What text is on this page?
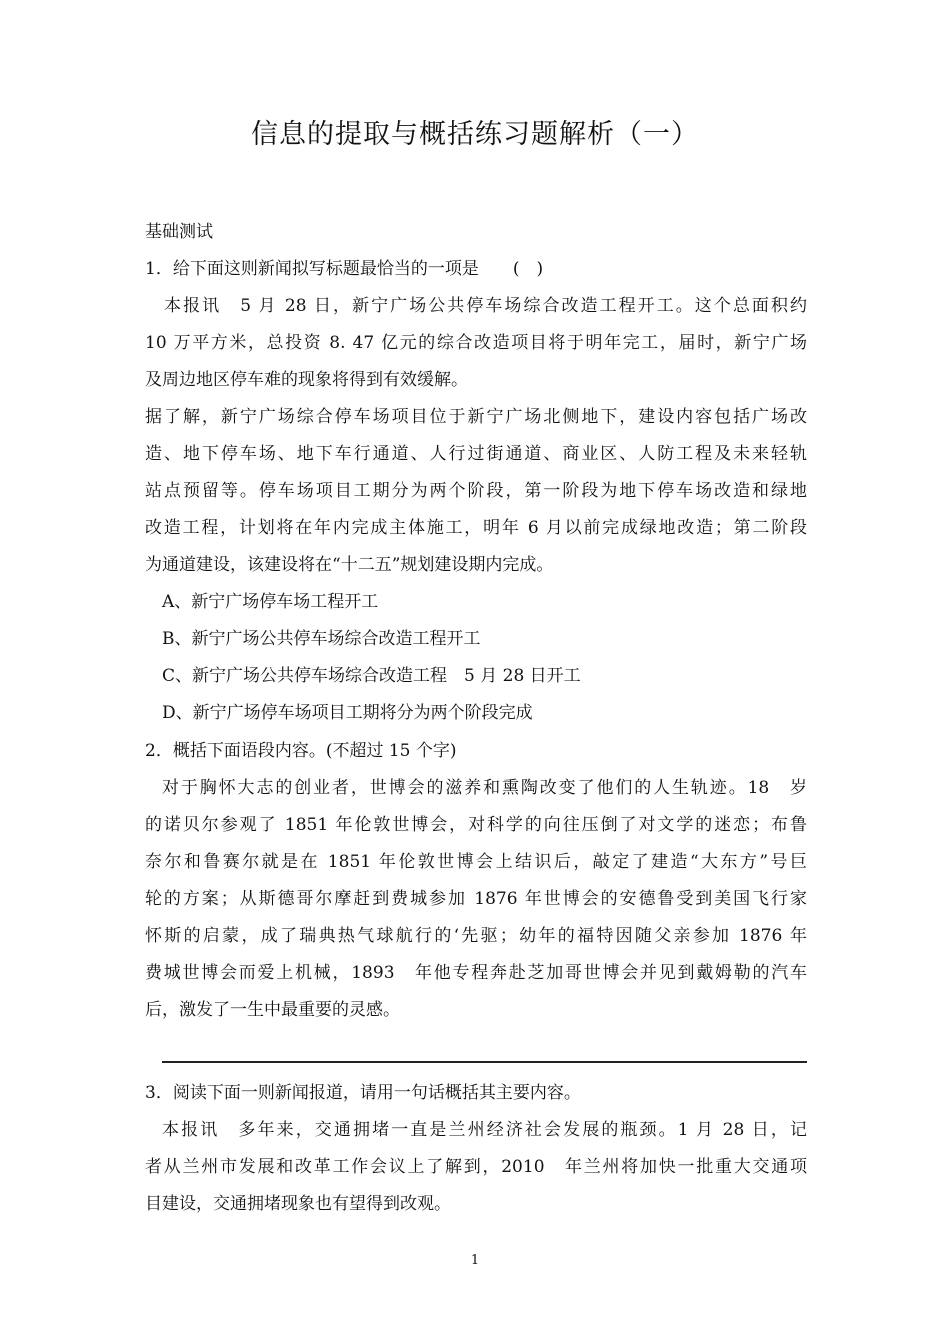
信息的提取与概括练习题解析（一）
基础测试
1．给下面这则新闻拟写标题最恰当的一项是　　(　)
　本报讯　5 月 28 日，新宁广场公共停车场综合改造工程开工。这个总面积约
10 万平方米，总投资 8. 47 亿元的综合改造项目将于明年完工，届时，新宁广场
及周边地区停车难的现象将得到有效缓解。
据了解，新宁广场综合停车场项目位于新宁广场北侧地下，建设内容包括广场改
造、地下停车场、地下车行通道、人行过街通道、商业区、人防工程及未来轻轨
站点预留等。停车场项目工期分为两个阶段，第一阶段为地下停车场改造和绿地
改造工程，计划将在年内完成主体施工，明年 6 月以前完成绿地改造；第二阶段
为通道建设，该建设将在“十二五”规划建设期内完成。
A、新宁广场停车场工程开工
B、新宁广场公共停车场综合改造工程开工
C、新宁广场公共停车场综合改造工程　5 月 28 日开工
D、新宁广场停车场项目工期将分为两个阶段完成
2．概括下面语段内容。(不超过 15 个字)
对于胸怀大志的创业者，世博会的滋养和熏陶改变了他们的人生轨迹。18　岁
的诺贝尔参观了 1851 年伦敦世博会，对科学的向往压倒了对文学的迷恋；布鲁
奈尔和鲁赛尔就是在 1851 年伦敦世博会上结识后，敲定了建造“大东方”号巨
轮的方案；从斯德哥尔摩赶到费城参加 1876 年世博会的安德鲁受到美国飞行家
怀斯的启蒙，成了瑞典热气球航行的‘先驱；幼年的福特因随父亲参加 1876 年
费城世博会而爱上机械，1893　年他专程奔赴芝加哥世博会并见到戴姆勒的汽车
后，激发了一生中最重要的灵感。
3．阅读下面一则新闻报道，请用一句话概括其主要内容。
本报讯　多年来，交通拥堵一直是兰州经济社会发展的瓶颈。1 月 28 日，记
者从兰州市发展和改革工作会议上了解到，2010　年兰州将加快一批重大交通项
目建设，交通拥堵现象也有望得到改观。
1
